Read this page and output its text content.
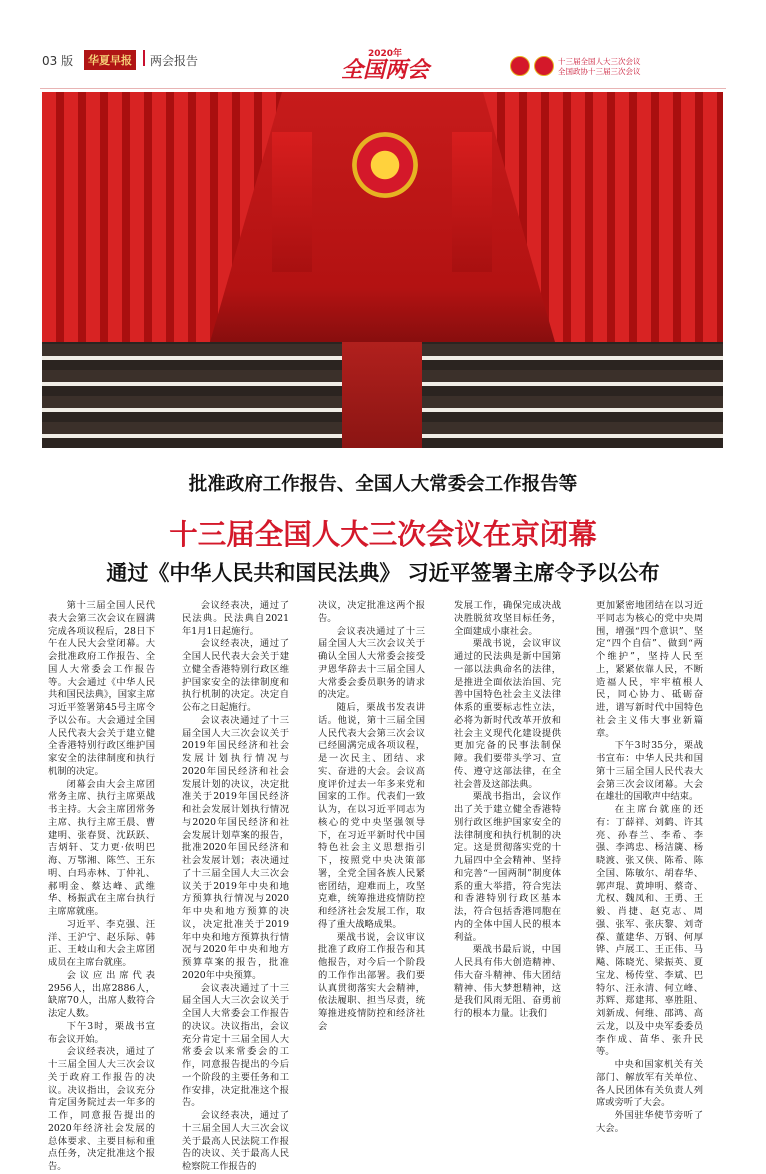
03 版	华夏早报	两会报告	2020年
全国两会	十三届全国人大三次会议
全国政协十三届三次会议
批准政府工作报告、全国人大常委会工作报告等
十三届全国人大三次会议在京闭幕
通过《中华人民共和国民法典》 习近平签署主席令予以公布

第十三届全国人民代表大会第三次会议在圆满完成各项议程后，28日下午在人民大会堂闭幕。大会批准政府工作报告、全国人大常委会工作报告等。大会通过《中华人民共和国民法典》，国家主席习近平签署第45号主席令予以公布。大会通过全国人民代表大会关于建立健全香港特别行政区维护国家安全的法律制度和执行机制的决定。

闭幕会由大会主席团常务主席、执行主席栗战书主持。大会主席团常务主席、执行主席王晨、曹建明、张春贤、沈跃跃、吉炳轩、艾力更·依明巴海、万鄂湘、陈竺、王东明、白玛赤林、丁仲礼、郝明金、蔡达峰、武维华、杨振武在主席台执行主席席就座。

习近平、李克强、汪洋、王沪宁、赵乐际、韩正、王岐山和大会主席团成员在主席台就座。

会议应出席代表2956人，出席2886人，缺席70人，出席人数符合法定人数。

下午3时，栗战书宣布会议开始。

会议经表决，通过了十三届全国人大三次会议关于政府工作报告的决议。决议指出，会议充分肯定国务院过去一年多的工作，同意报告提出的2020年经济社会发展的总体要求、主要目标和重点任务，决定批准这个报告。

会议经表决，通过了民法典。民法典自2021年1月1日起施行。

会议经表决，通过了全国人民代表大会关于建立健全香港特别行政区维护国家安全的法律制度和执行机制的决定。决定自公布之日起施行。

会议表决通过了十三届全国人大三次会议关于2019年国民经济和社会发展计划执行情况与2020年国民经济和社会发展计划的决议，决定批准关于2019年国民经济和社会发展计划执行情况与2020年国民经济和社会发展计划草案的报告，批准2020年国民经济和社会发展计划；表决通过了十三届全国人大三次会议关于2019年中央和地方预算执行情况与2020年中央和地方预算的决议，决定批准关于2019年中央和地方预算执行情况与2020年中央和地方预算草案的报告，批准2020年中央预算。

会议表决通过了十三届全国人大三次会议关于全国人大常委会工作报告的决议。决议指出，会议充分肯定十三届全国人大常委会以来常委会的工作，同意报告提出的今后一个阶段的主要任务和工作安排，决定批准这个报告。

会议经表决，通过了十三届全国人大三次会议关于最高人民法院工作报告的决议、关于最高人民检察院工作报告的

决议，决定批准这两个报告。

会议表决通过了十三届全国人大三次会议关于确认全国人大常委会接受尹恩华辞去十三届全国人大常委会委员职务的请求的决定。

随后，栗战书发表讲话。他说，第十三届全国人民代表大会第三次会议已经圆满完成各项议程，是一次民主、团结、求实、奋进的大会。会议高度评价过去一年多来党和国家的工作。代表们一致认为，在以习近平同志为核心的党中央坚强领导下，在习近平新时代中国特色社会主义思想指引下，按照党中央决策部署，全党全国各族人民紧密团结，迎难而上，攻坚克难，统筹推进疫情防控和经济社会发展工作，取得了重大战略成果。

栗战书说，会议审议批准了政府工作报告和其他报告，对今后一个阶段的工作作出部署。我们要认真贯彻落实大会精神，依法履职、担当尽责，统筹推进疫情防控和经济社会

发展工作，确保完成决战决胜脱贫攻坚目标任务，全面建成小康社会。

栗战书说，会议审议通过的民法典是新中国第一部以法典命名的法律，是推进全面依法治国、完善中国特色社会主义法律体系的重要标志性立法，必将为新时代改革开放和社会主义现代化建设提供更加完备的民事法制保障。我们要带头学习、宣传、遵守这部法律，在全社会普及这部法典。

栗战书指出，会议作出了关于建立健全香港特别行政区维护国家安全的法律制度和执行机制的决定。这是贯彻落实党的十九届四中全会精神、坚持和完善“一国两制”制度体系的重大举措，符合宪法和香港特别行政区基本法，符合包括香港同胞在内的全体中国人民的根本利益。

栗战书最后说，中国人民具有伟大创造精神、伟大奋斗精神、伟大团结精神、伟大梦想精神，这是我们风雨无阻、奋勇前行的根本力量。让我们

更加紧密地团结在以习近平同志为核心的党中央周围，增强“四个意识”、坚定“四个自信”、做到“两个维护”，坚持人民至上，紧紧依靠人民，不断造福人民，牢牢植根人民，同心协力、砥砺奋进，谱写新时代中国特色社会主义伟大事业新篇章。

下午3时35分，栗战书宣布：中华人民共和国第十三届全国人民代表大会第三次会议闭幕。大会在雄壮的国歌声中结束。

在主席台就座的还有：丁薛祥、刘鹤、许其亮、孙春兰、李希、李强、李鸿忠、杨洁篪、杨晓渡、张又侠、陈希、陈全国、陈敏尔、胡春华、郭声琨、黄坤明、蔡奇、尤权、魏凤和、王勇、王毅、肖捷、赵克志、周强、张军、张庆黎、刘奇葆、董建华、万钢、何厚铧、卢展工、王正伟、马飚、陈晓光、梁振英、夏宝龙、杨传堂、李斌、巴特尔、汪永清、何立峰、苏辉、郑建邦、辜胜阻、刘新成、何维、邵鸿、高云龙，以及中央军委委员李作成、苗华、张升民等。

中央和国家机关有关部门、解放军有关单位、各人民团体有关负责人列席或旁听了大会。

外国驻华使节旁听了大会。
